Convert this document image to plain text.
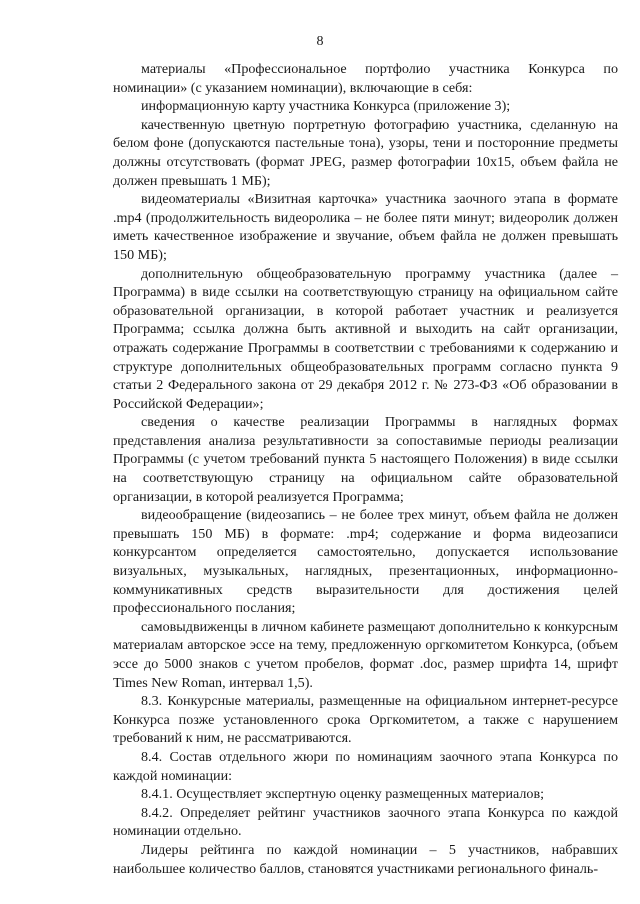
8

материалы «Профессиональное портфолио участника Конкурса по номинации» (с указанием номинации), включающие в себя:

информационную карту участника Конкурса (приложение 3);

качественную цветную портретную фотографию участника, сделанную на белом фоне (допускаются пастельные тона), узоры, тени и посторонние предметы должны отсутствовать (формат JPEG, размер фотографии 10х15, объем файла не должен превышать 1 МБ);

видеоматериалы «Визитная карточка» участника заочного этапа в формате .mp4 (продолжительность видеоролика – не более пяти минут; видеоролик должен иметь качественное изображение и звучание, объем файла не должен превышать 150 МБ);

дополнительную общеобразовательную программу участника (далее – Программа) в виде ссылки на соответствующую страницу на официальном сайте образовательной организации, в которой работает участник и реализуется Программа; ссылка должна быть активной и выходить на сайт организации, отражать содержание Программы в соответствии с требованиями к содержанию и структуре дополнительных общеобразовательных программ согласно пункта 9 статьи 2 Федерального закона от 29 декабря 2012 г. № 273-ФЗ «Об образовании в Российской Федерации»;

сведения о качестве реализации Программы в наглядных формах представления анализа результативности за сопоставимые периоды реализации Программы (с учетом требований пункта 5 настоящего Положения) в виде ссылки на соответствующую страницу на официальном сайте образовательной организации, в которой реализуется Программа;

видеообращение (видеозапись – не более трех минут, объем файла не должен превышать 150 МБ) в формате: .mp4; содержание и форма видеозаписи конкурсантом определяется самостоятельно, допускается использование визуальных, музыкальных, наглядных, презентационных, информационно-коммуникативных средств выразительности для достижения целей профессионального послания;

самовыдвиженцы в личном кабинете размещают дополнительно к конкурсным материалам авторское эссе на тему, предложенную оргкомитетом Конкурса, (объем эссе до 5000 знаков с учетом пробелов, формат .doc, размер шрифта 14, шрифт Times New Roman, интервал 1,5).

8.3. Конкурсные материалы, размещенные на официальном интернет-ресурсе Конкурса позже установленного срока Оргкомитетом, а также с нарушением требований к ним, не рассматриваются.

8.4. Состав отдельного жюри по номинациям заочного этапа Конкурса по каждой номинации:

8.4.1. Осуществляет экспертную оценку размещенных материалов;

8.4.2. Определяет рейтинг участников заочного этапа Конкурса по каждой номинации отдельно.

Лидеры рейтинга по каждой номинации – 5 участников, набравших наибольшее количество баллов, становятся участниками регионального финаль-
